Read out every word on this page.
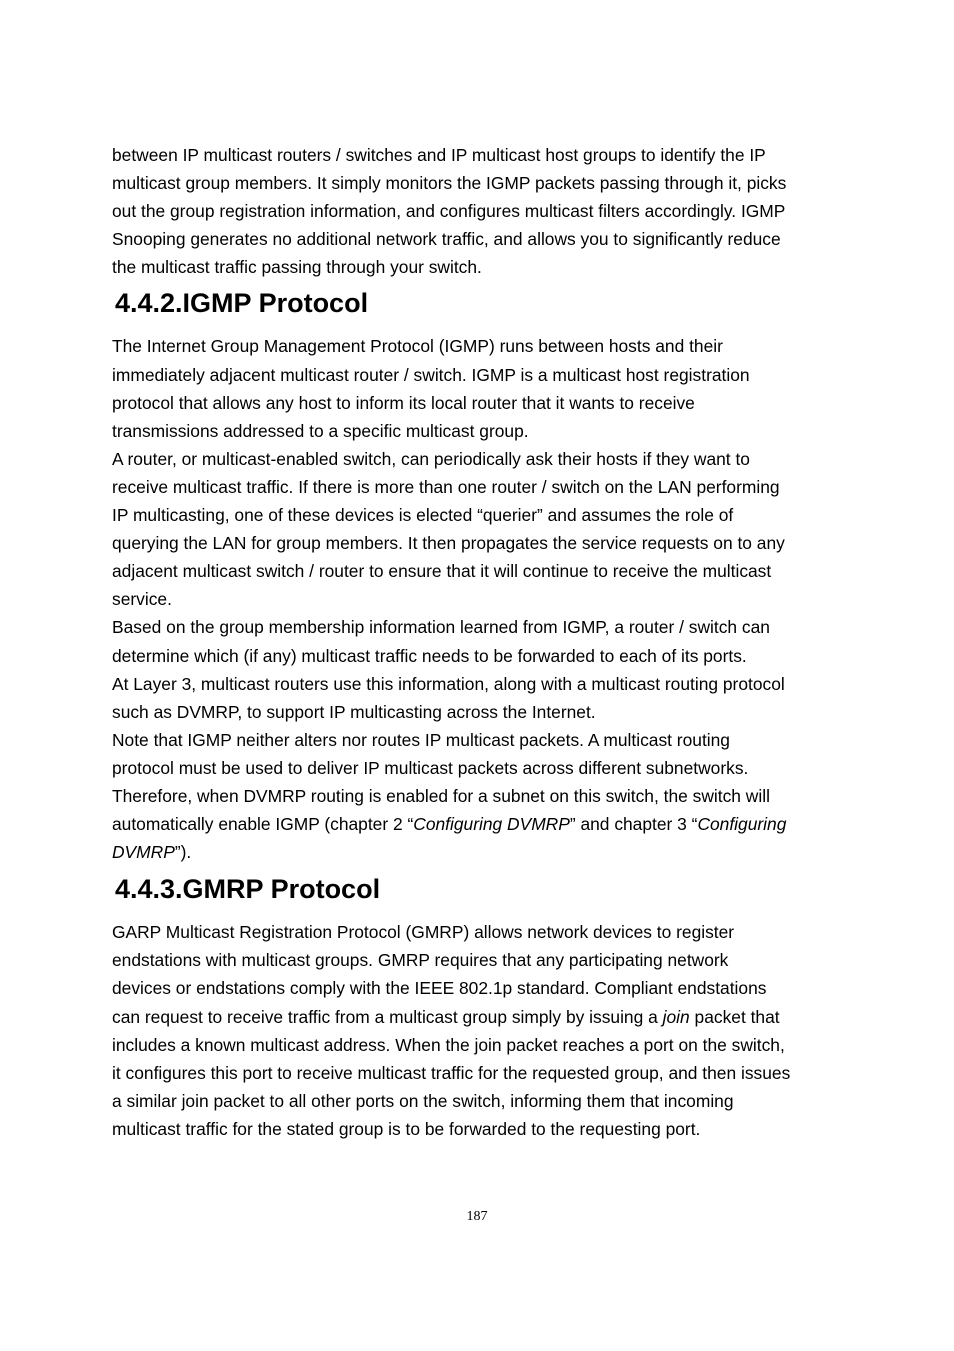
between IP multicast routers / switches and IP multicast host groups to identify the IP
multicast group members. It simply monitors the IGMP packets passing through it, picks
out the group registration information, and configures multicast filters accordingly. IGMP
Snooping generates no additional network traffic, and allows you to significantly reduce
the multicast traffic passing through your switch.
4.4.2.IGMP Protocol
The Internet Group Management Protocol (IGMP) runs between hosts and their
immediately adjacent multicast router / switch. IGMP is a multicast host registration
protocol that allows any host to inform its local router that it wants to receive
transmissions addressed to a specific multicast group.
A router, or multicast-enabled switch, can periodically ask their hosts if they want to
receive multicast traffic. If there is more than one router / switch on the LAN performing
IP multicasting, one of these devices is elected “querier” and assumes the role of
querying the LAN for group members. It then propagates the service requests on to any
adjacent multicast switch / router to ensure that it will continue to receive the multicast
service.
Based on the group membership information learned from IGMP, a router / switch can
determine which (if any) multicast traffic needs to be forwarded to each of its ports.
At Layer 3, multicast routers use this information, along with a multicast routing protocol
such as DVMRP, to support IP multicasting across the Internet.
Note that IGMP neither alters nor routes IP multicast packets. A multicast routing
protocol must be used to deliver IP multicast packets across different subnetworks.
Therefore, when DVMRP routing is enabled for a subnet on this switch, the switch will
automatically enable IGMP (chapter 2 “Configuring DVMRP” and chapter 3 “Configuring
DVMRP”).
4.4.3.GMRP Protocol
GARP Multicast Registration Protocol (GMRP) allows network devices to register
endstations with multicast groups. GMRP requires that any participating network
devices or endstations comply with the IEEE 802.1p standard. Compliant endstations
can request to receive traffic from a multicast group simply by issuing a join packet that
includes a known multicast address. When the join packet reaches a port on the switch,
it configures this port to receive multicast traffic for the requested group, and then issues
a similar join packet to all other ports on the switch, informing them that incoming
multicast traffic for the stated group is to be forwarded to the requesting port.
187
